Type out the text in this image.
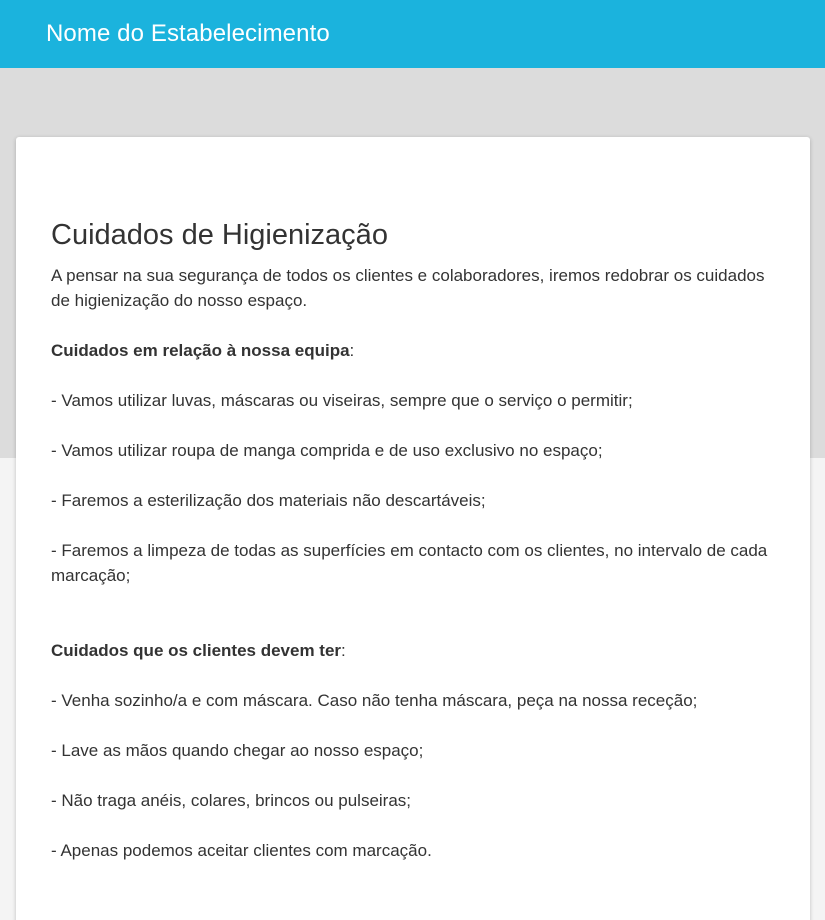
Nome do Estabelecimento
Cuidados de Higienização

A pensar na sua segurança de todos os clientes e colaboradores, iremos redobrar os cuidados de higienização do nosso espaço.

Cuidados em relação à nossa equipa:

- Vamos utilizar luvas, máscaras ou viseiras, sempre que o serviço o permitir;

- Vamos utilizar roupa de manga comprida e de uso exclusivo no espaço;

- Faremos a esterilização dos materiais não descartáveis;

- Faremos a limpeza de todas as superfícies em contacto com os clientes, no intervalo de cada marcação;

Cuidados que os clientes devem ter:

- Venha sozinho/a e com máscara. Caso não tenha máscara, peça na nossa receção;

- Lave as mãos quando chegar ao nosso espaço;

- Não traga anéis, colares, brincos ou pulseiras;

- Apenas podemos aceitar clientes com marcação.
